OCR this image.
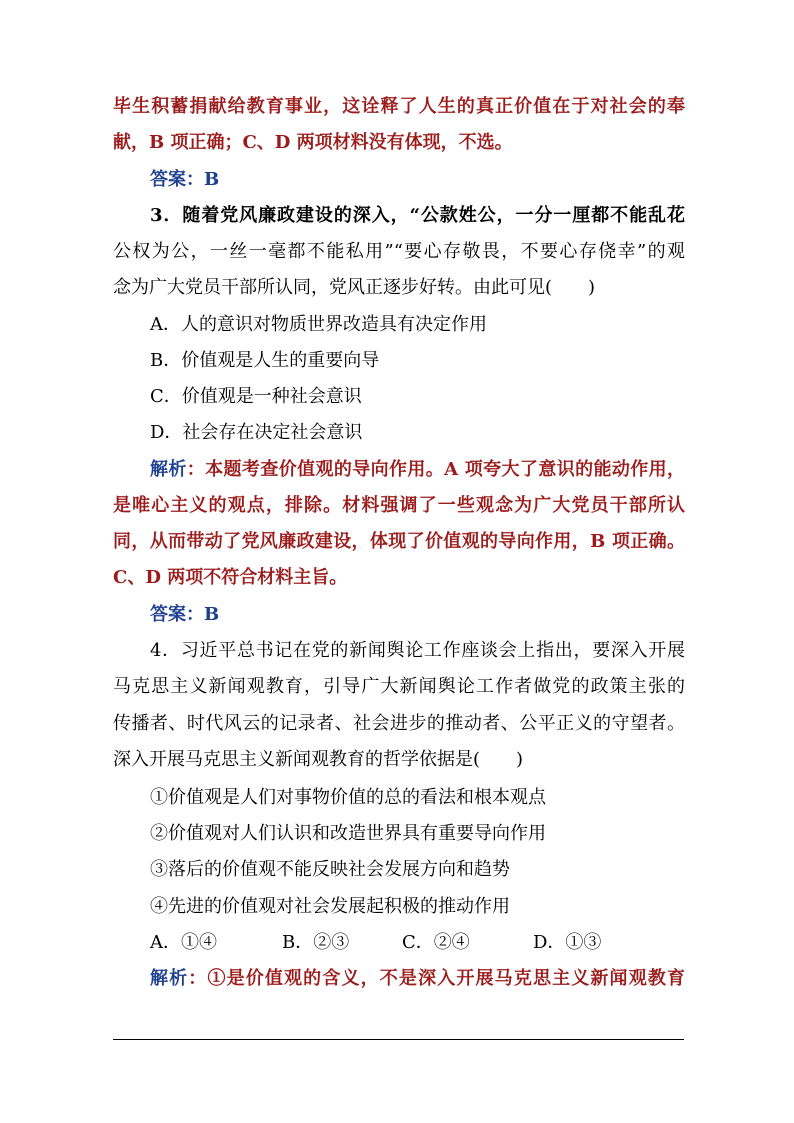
毕生积蓄捐献给教育事业，这诠释了人生的真正价值在于对社会的奉
献，B 项正确；C、D 两项材料没有体现，不选。
答案：B
3．随着党风廉政建设的深入，“公款姓公，一分一厘都不能乱花
公权为公，一丝一毫都不能私用”“要心存敬畏，不要心存侥幸”的观
念为广大党员干部所认同，党风正逐步好转。由此可见(　　)
A．人的意识对物质世界改造具有决定作用
B．价值观是人生的重要向导
C．价值观是一种社会意识
D．社会存在决定社会意识
解析：本题考查价值观的导向作用。A 项夸大了意识的能动作用，
是唯心主义的观点，排除。材料强调了一些观念为广大党员干部所认
同，从而带动了党风廉政建设，体现了价值观的导向作用，B 项正确。
C、D 两项不符合材料主旨。
答案：B
4．习近平总书记在党的新闻舆论工作座谈会上指出，要深入开展
马克思主义新闻观教育，引导广大新闻舆论工作者做党的政策主张的
传播者、时代风云的记录者、社会进步的推动者、公平正义的守望者。
深入开展马克思主义新闻观教育的哲学依据是(　　)
①价值观是人们对事物价值的总的看法和根本观点
②价值观对人们认识和改造世界具有重要导向作用
③落后的价值观不能反映社会发展方向和趋势
④先进的价值观对社会发展起积极的推动作用
A．①④	B．②③	C．②④	D．①③
解析：①是价值观的含义，不是深入开展马克思主义新闻观教育
